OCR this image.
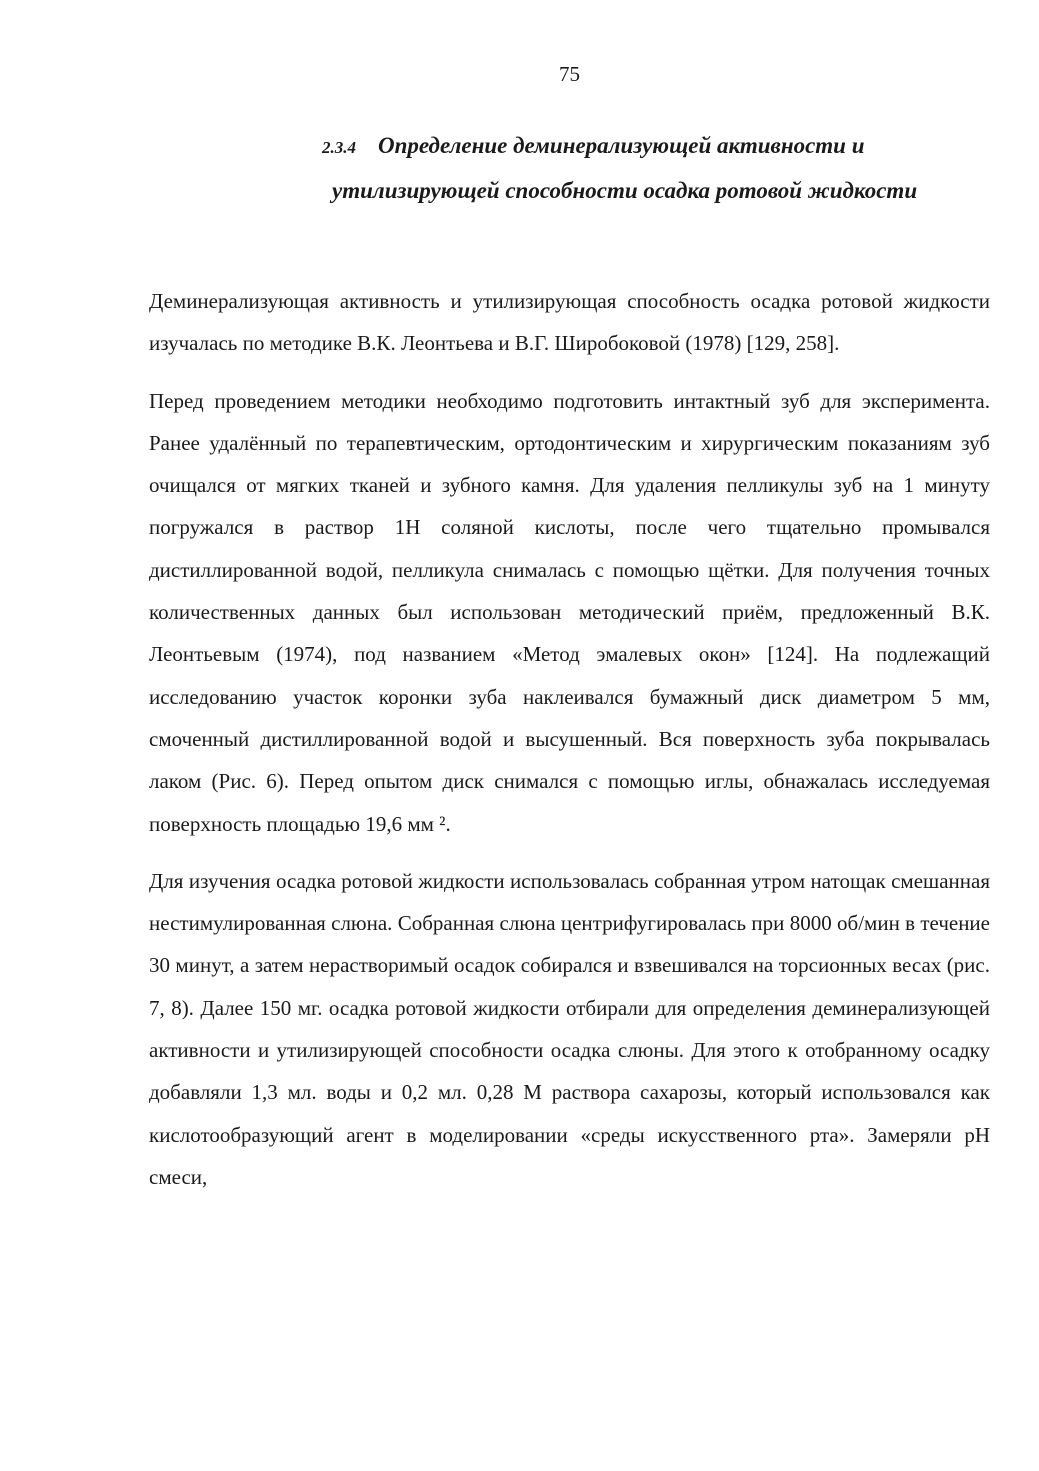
75
2.3.4 Определение деминерализующей активности и
утилизирующей способности осадка ротовой жидкости

Деминерализующая активность и утилизирующая способность осадка ротовой жидкости изучалась по методике В.К. Леонтьева и В.Г. Широбоковой (1978) [129, 258].

Перед проведением методики необходимо подготовить интактный зуб для эксперимента. Ранее удалённый по терапевтическим, ортодонтическим и хирургическим показаниям зуб очищался от мягких тканей и зубного камня. Для удаления пелликулы зуб на 1 минуту погружался в раствор 1Н соляной кислоты, после чего тщательно промывался дистиллированной водой, пелликула снималась с помощью щётки. Для получения точных количественных данных был использован методический приём, предложенный В.К. Леонтьевым (1974), под названием «Метод эмалевых окон» [124]. На подлежащий исследованию участок коронки зуба наклеивался бумажный диск диаметром 5 мм, смоченный дистиллированной водой и высушенный. Вся поверхность зуба покрывалась лаком (Рис. 6). Перед опытом диск снимался с помощью иглы, обнажалась исследуемая поверхность площадью 19,6 мм ².

Для изучения осадка ротовой жидкости использовалась собранная утром натощак смешанная нестимулированная слюна. Собранная слюна центрифугировалась при 8000 об/мин в течение 30 минут, а затем нерастворимый осадок собирался и взвешивался на торсионных весах (рис. 7, 8). Далее 150 мг. осадка ротовой жидкости отбирали для определения деминерализующей активности и утилизирующей способности осадка слюны. Для этого к отобранному осадку добавляли 1,3 мл. воды и 0,2 мл. 0,28 М раствора сахарозы, который использовался как кислотообразующий агент в моделировании «среды искусственного рта». Замеряли pH смеси,
